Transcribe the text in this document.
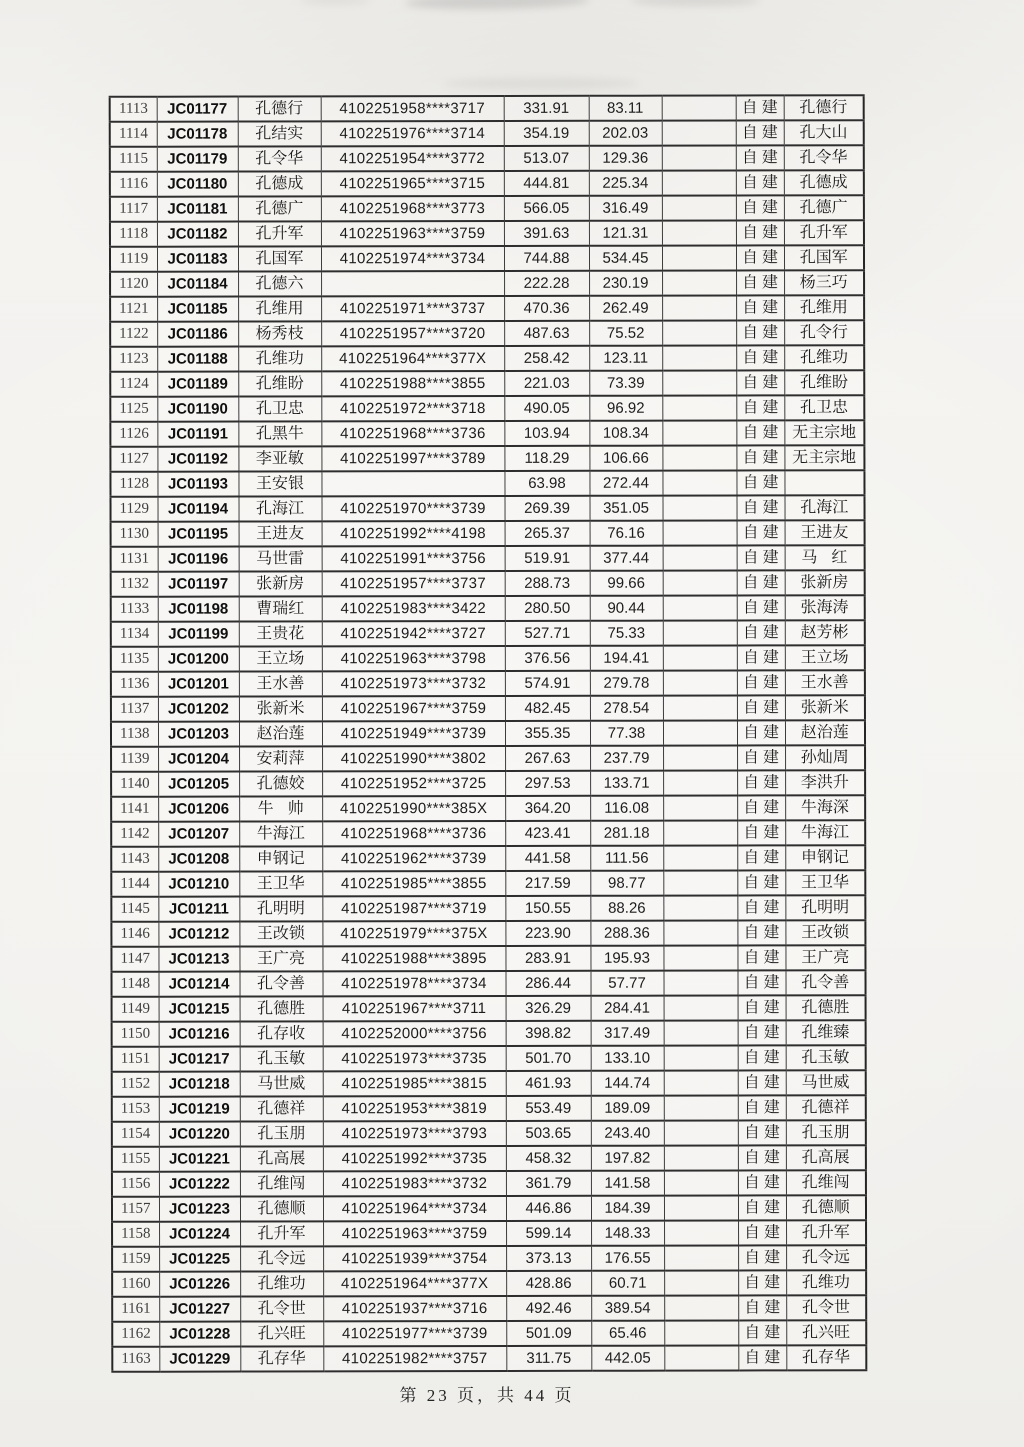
1113	JC01177	孔德行	4102251958****3717	331.91	83.11		自建	孔德行
1114	JC01178	孔结实	4102251976****3714	354.19	202.03		自建	孔大山
1115	JC01179	孔令华	4102251954****3772	513.07	129.36		自建	孔令华
1116	JC01180	孔德成	4102251965****3715	444.81	225.34		自建	孔德成
1117	JC01181	孔德广	4102251968****3773	566.05	316.49		自建	孔德广
1118	JC01182	孔升军	4102251963****3759	391.63	121.31		自建	孔升军
1119	JC01183	孔国军	4102251974****3734	744.88	534.45		自建	孔国军
1120	JC01184	孔德六		222.28	230.19		自建	杨三巧
1121	JC01185	孔维用	4102251971****3737	470.36	262.49		自建	孔维用
1122	JC01186	杨秀枝	4102251957****3720	487.63	75.52		自建	孔令行
1123	JC01188	孔维功	4102251964****377X	258.42	123.11		自建	孔维功
1124	JC01189	孔维盼	4102251988****3855	221.03	73.39		自建	孔维盼
1125	JC01190	孔卫忠	4102251972****3718	490.05	96.92		自建	孔卫忠
1126	JC01191	孔黑牛	4102251968****3736	103.94	108.34		自建	无主宗地
1127	JC01192	李亚敏	4102251997****3789	118.29	106.66		自建	无主宗地
1128	JC01193	王安银		63.98	272.44		自建	
1129	JC01194	孔海江	4102251970****3739	269.39	351.05		自建	孔海江
1130	JC01195	王进友	4102251992****4198	265.37	76.16		自建	王进友
1131	JC01196	马世雷	4102251991****3756	519.91	377.44		自建	马红
1132	JC01197	张新房	4102251957****3737	288.73	99.66		自建	张新房
1133	JC01198	曹瑞红	4102251983****3422	280.50	90.44		自建	张海涛
1134	JC01199	王贵花	4102251942****3727	527.71	75.33		自建	赵芳彬
1135	JC01200	王立场	4102251963****3798	376.56	194.41		自建	王立场
1136	JC01201	王水善	4102251973****3732	574.91	279.78		自建	王水善
1137	JC01202	张新米	4102251967****3759	482.45	278.54		自建	张新米
1138	JC01203	赵治莲	4102251949****3739	355.35	77.38		自建	赵治莲
1139	JC01204	安莉萍	4102251990****3802	267.63	237.79		自建	孙灿周
1140	JC01205	孔德姣	4102251952****3725	297.53	133.71		自建	李洪升
1141	JC01206	牛帅	4102251990****385X	364.20	116.08		自建	牛海深
1142	JC01207	牛海江	4102251968****3736	423.41	281.18		自建	牛海江
1143	JC01208	申钢记	4102251962****3739	441.58	111.56		自建	申钢记
1144	JC01210	王卫华	4102251985****3855	217.59	98.77		自建	王卫华
1145	JC01211	孔明明	4102251987****3719	150.55	88.26		自建	孔明明
1146	JC01212	王改锁	4102251979****375X	223.90	288.36		自建	王改锁
1147	JC01213	王广亮	4102251988****3895	283.91	195.93		自建	王广亮
1148	JC01214	孔令善	4102251978****3734	286.44	57.77		自建	孔令善
1149	JC01215	孔德胜	4102251967****3711	326.29	284.41		自建	孔德胜
1150	JC01216	孔存收	4102252000****3756	398.82	317.49		自建	孔维臻
1151	JC01217	孔玉敏	4102251973****3735	501.70	133.10		自建	孔玉敏
1152	JC01218	马世威	4102251985****3815	461.93	144.74		自建	马世威
1153	JC01219	孔德祥	4102251953****3819	553.49	189.09		自建	孔德祥
1154	JC01220	孔玉朋	4102251973****3793	503.65	243.40		自建	孔玉朋
1155	JC01221	孔高展	4102251992****3735	458.32	197.82		自建	孔高展
1156	JC01222	孔维闯	4102251983****3732	361.79	141.58		自建	孔维闯
1157	JC01223	孔德顺	4102251964****3734	446.86	184.39		自建	孔德顺
1158	JC01224	孔升军	4102251963****3759	599.14	148.33		自建	孔升军
1159	JC01225	孔令远	4102251939****3754	373.13	176.55		自建	孔令远
1160	JC01226	孔维功	4102251964****377X	428.86	60.71		自建	孔维功
1161	JC01227	孔令世	4102251937****3716	492.46	389.54		自建	孔令世
1162	JC01228	孔兴旺	4102251977****3739	501.09	65.46		自建	孔兴旺
1163	JC01229	孔存华	4102251982****3757	311.75	442.05		自建	孔存华
第 23 页，共 44 页
